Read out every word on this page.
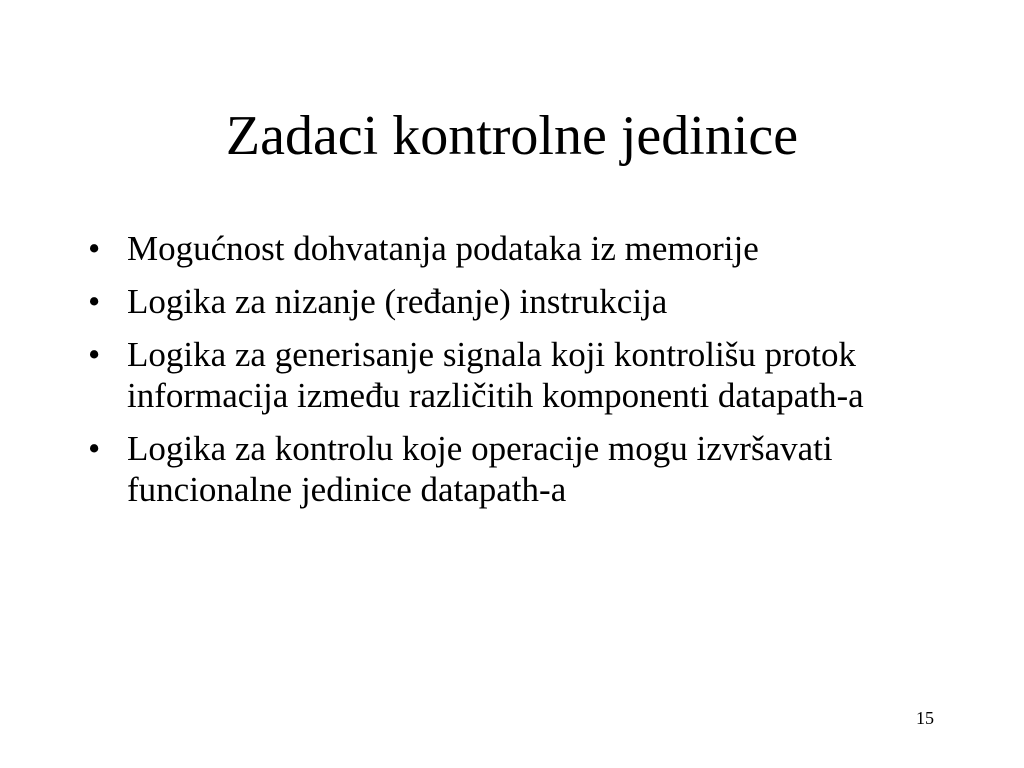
Zadaci kontrolne jedinice
• Mogućnost dohvatanja podataka iz memorije
• Logika za nizanje (ređanje) instrukcija
• Logika za generisanje signala koji kontrolišu protok informacija između različitih komponenti datapath-a
• Logika za kontrolu koje operacije mogu izvršavati funcionalne jedinice datapath-a
15
